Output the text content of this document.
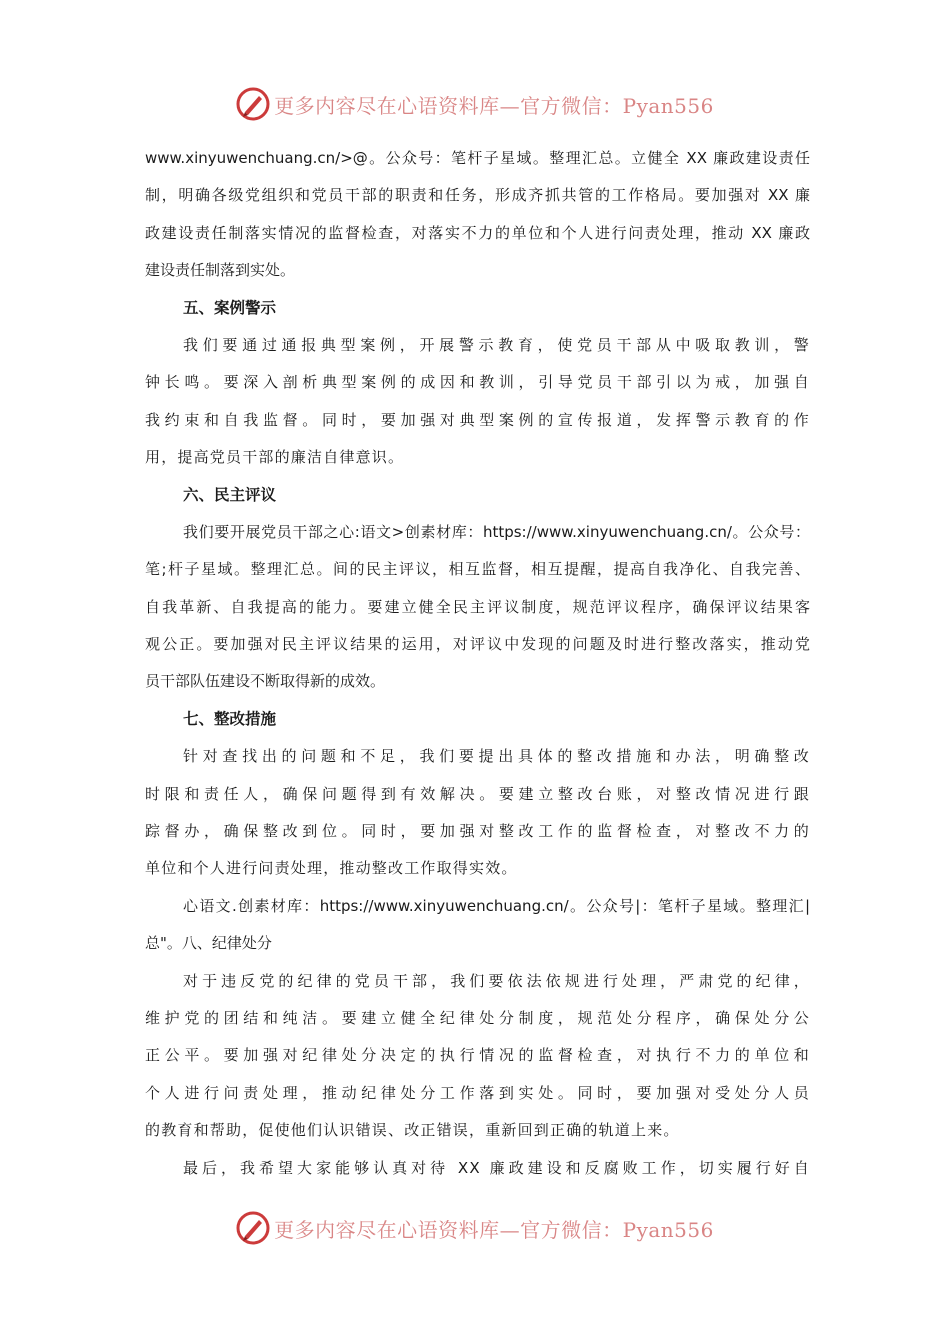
更多内容尽在心语资料库—官方微信：Pyan556
www.xinyuwenchuang.cn/>@。公众号：笔杆子星域。整理汇总。立健全 XX 廉政建设责任
制，明确各级党组织和党员干部的职责和任务，形成齐抓共管的工作格局。要加强对 XX 廉
政建设责任制落实情况的监督检查，对落实不力的单位和个人进行问责处理，推动 XX 廉政
建设责任制落到实处。
五、案例警示
我们要通过通报典型案例，开展警示教育，使党员干部从中吸取教训，警
钟长鸣。要深入剖析典型案例的成因和教训，引导党员干部引以为戒，加强自
我约束和自我监督。同时，要加强对典型案例的宣传报道，发挥警示教育的作
用，提高党员干部的廉洁自律意识。
六、民主评议
我们要开展党员干部之心:语文>创素材库：https://www.xinyuwenchuang.cn/。公众号：
笔;杆子星域。整理汇总。间的民主评议，相互监督，相互提醒，提高自我净化、自我完善、
自我革新、自我提高的能力。要建立健全民主评议制度，规范评议程序，确保评议结果客
观公正。要加强对民主评议结果的运用，对评议中发现的问题及时进行整改落实，推动党
员干部队伍建设不断取得新的成效。
七、整改措施
针对查找出的问题和不足，我们要提出具体的整改措施和办法，明确整改
时限和责任人，确保问题得到有效解决。要建立整改台账，对整改情况进行跟
踪督办，确保整改到位。同时，要加强对整改工作的监督检查，对整改不力的
单位和个人进行问责处理，推动整改工作取得实效。
心语文.创素材库：https://www.xinyuwenchuang.cn/。公众号|：笔杆子星域。整理汇|
总"。八、纪律处分
对于违反党的纪律的党员干部，我们要依法依规进行处理，严肃党的纪律，
维护党的团结和纯洁。要建立健全纪律处分制度，规范处分程序，确保处分公
正公平。要加强对纪律处分决定的执行情况的监督检查，对执行不力的单位和
个人进行问责处理，推动纪律处分工作落到实处。同时，要加强对受处分人员
的教育和帮助，促使他们认识错误、改正错误，重新回到正确的轨道上来。
最后，我希望大家能够认真对待 XX 廉政建设和反腐败工作，切实履行好自
更多内容尽在心语资料库—官方微信：Pyan556
